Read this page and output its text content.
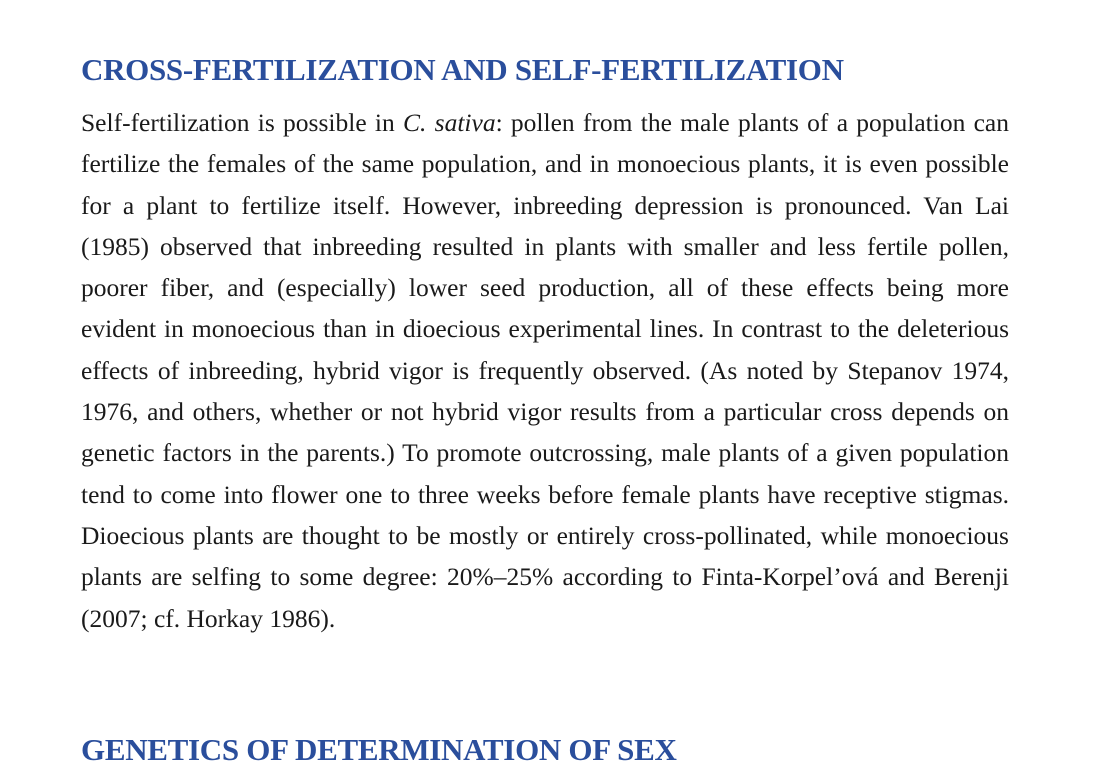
CROSS-FERTILIZATION AND SELF-FERTILIZATION

Self-fertilization is possible in C. sativa: pollen from the male plants of a population can fertilize the females of the same population, and in monoecious plants, it is even possible for a plant to fertilize itself. However, inbreeding depression is pronounced. Van Lai (1985) observed that inbreeding resulted in plants with smaller and less fertile pollen, poorer fiber, and (especially) lower seed production, all of these effects being more evident in monoecious than in dioecious experimental lines. In contrast to the deleterious effects of inbreeding, hybrid vigor is frequently observed. (As noted by Stepanov 1974, 1976, and others, whether or not hybrid vigor results from a particular cross depends on genetic factors in the parents.) To promote outcrossing, male plants of a given population tend to come into flower one to three weeks before female plants have receptive stigmas. Dioecious plants are thought to be mostly or entirely cross-pollinated, while monoecious plants are selfing to some degree: 20%–25% according to Finta-Korpel’ová and Berenji (2007; cf. Horkay 1986).

GENETICS OF DETERMINATION OF SEX
